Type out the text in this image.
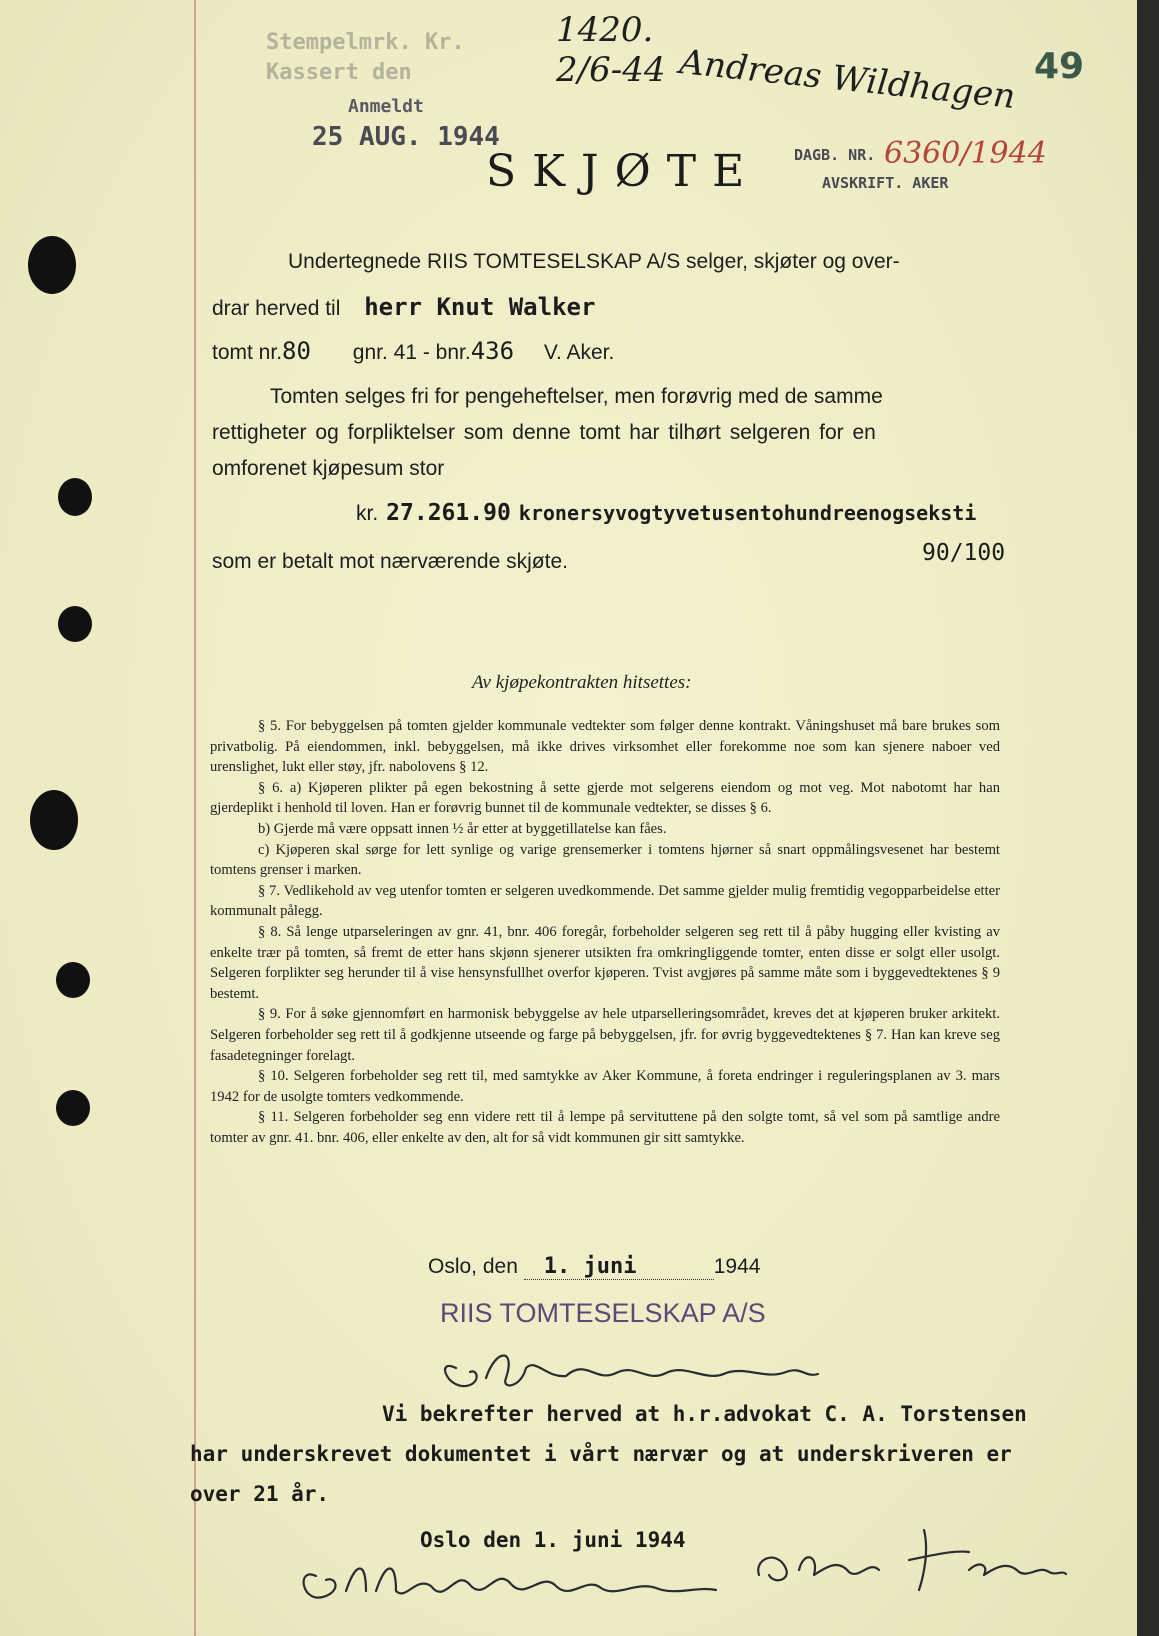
Stempelmrk. Kr.
Kassert den
1420.
2/6-44 Andreas Wildhagen 49
Anmeldt
25 AUG. 1944
SKJØTE DAGB. NR. 6360/1944
AVSKRIFT. AKER
Undertegnede RIIS TOMTESELSKAP A/S selger, skjøter og over-
drar herved til herr Knut Walker
tomt nr.80 gnr. 41 - bnr.436 V. Aker.
Tomten selges fri for pengeheftelser, men forøvrig med de samme
rettigheter og forpliktelser som denne tomt har tilhørt selgeren for en
omforenet kjøpesum stor
kr. 27.261.90 kronersyvogtyvetusentohundreenogseksti
90/100
som er betalt mot nærværende skjøte.
Av kjøpekontrakten hitsettes:

§ 5. For bebyggelsen på tomten gjelder kommunale vedtekter som følger denne kontrakt. Våningshuset må bare brukes som privatbolig. På eiendommen, inkl. bebyggelsen, må ikke drives virksomhet eller forekomme noe som kan sjenere naboer ved urenslighet, lukt eller støy, jfr. nabolovens § 12.

§ 6. a) Kjøperen plikter på egen bekostning å sette gjerde mot selgerens eiendom og mot veg. Mot nabotomt har han gjerdeplikt i henhold til loven. Han er forøvrig bunnet til de kommunale vedtekter, se disses § 6.

b) Gjerde må være oppsatt innen ½ år etter at byggetillatelse kan fåes.

c) Kjøperen skal sørge for lett synlige og varige grensemerker i tomtens hjørner så snart oppmålingsvesenet har bestemt tomtens grenser i marken.

§ 7. Vedlikehold av veg utenfor tomten er selgeren uvedkommende. Det samme gjelder mulig fremtidig vegopparbeidelse etter kommunalt pålegg.

§ 8. Så lenge utparseleringen av gnr. 41, bnr. 406 foregår, forbeholder selgeren seg rett til å påby hugging eller kvisting av enkelte trær på tomten, så fremt de etter hans skjønn sjenerer utsikten fra omkringliggende tomter, enten disse er solgt eller usolgt. Selgeren forplikter seg herunder til å vise hensynsfullhet overfor kjøperen. Tvist avgjøres på samme måte som i byggevedtektenes § 9 bestemt.

§ 9. For å søke gjennomført en harmonisk bebyggelse av hele utparselleringsområdet, kreves det at kjøperen bruker arkitekt. Selgeren forbeholder seg rett til å godkjenne utseende og farge på bebyggelsen, jfr. for øvrig byggevedtektenes § 7. Han kan kreve seg fasadetegninger forelagt.

§ 10. Selgeren forbeholder seg rett til, med samtykke av Aker Kommune, å foreta endringer i reguleringsplanen av 3. mars 1942 for de usolgte tomters vedkommende.

§ 11. Selgeren forbeholder seg enn videre rett til å lempe på servituttene på den solgte tomt, så vel som på samtlige andre tomter av gnr. 41. bnr. 406, eller enkelte av den, alt for så vidt kommunen gir sitt samtykke.

Oslo, den 1. juni	1944
RIIS TOMTESELSKAP A/S
Vi bekrefter herved at h.r.advokat C. A. Torstensen
har underskrevet dokumentet i vårt nærvær og at underskriveren er
over 21 år.
Oslo den 1. juni 1944
